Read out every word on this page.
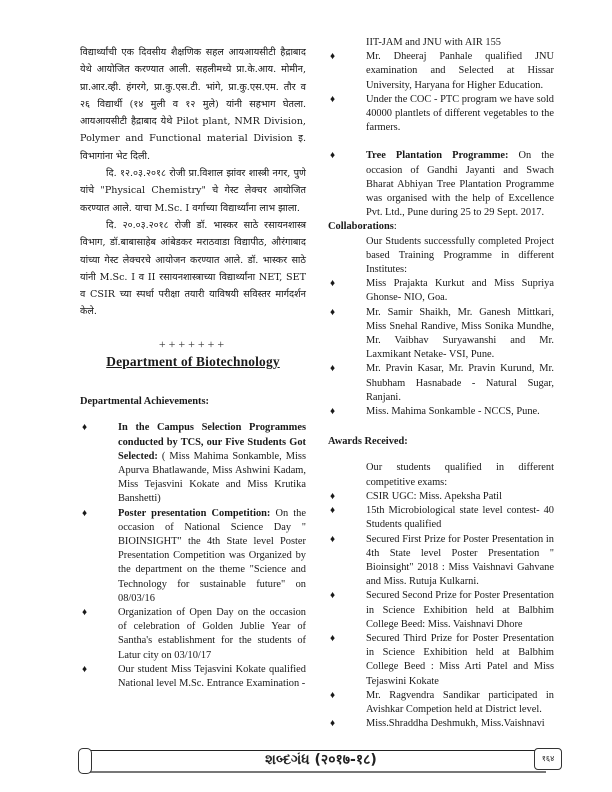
विद्यार्थ्यांची एक दिवसीय शैक्षणिक सहल आयआयसीटी हैद्राबाद येथे आयोजित करण्यात आली. सहलीमध्ये प्रा.के.आय. मोमीन, प्रा.आर.व्ही. हंगरगे, प्रा.कु.एस.टी. भांगे, प्रा.कु.एस.एम. तौर व २६ विद्यार्थी (१४ मुली व १२ मुले) यांनी सहभाग घेतला. आयआयसीटी हैद्राबाद येथे Pilot plant, NMR Division, Polymer and Functional material Division इ. विभागांना भेट दिली.

दि. १२.०३.२०१८ रोजी प्रा.विशाल झांवर शास्त्री नगर, पुणे यांचे "Physical Chemistry" चे गेस्ट लेक्चर आयोजित करण्यात आले. याचा M.Sc. I वर्गाच्या विद्यार्थ्यांना लाभ झाला.

दि. २०.०३.२०१८ रोजी डॉ. भास्कर साठे रसायनशास्त्र विभाग, डॉ.बाबासाहेब आंबेडकर मराठवाडा विद्यापीठ, औरंगाबाद यांच्या गेस्ट लेक्चरचे आयोजन करण्यात आले. डॉ. भास्कर साठे यांनी M.Sc. I व II रसायनशास्त्राच्या विद्यार्थ्यांना NET, SET व CSIR च्या स्पर्धा परीक्षा तयारी याविषयी सविस्तर मार्गदर्शन केले.

+++++++
Department of Biotechnology

Departmental Achievements:

♦	In the Campus Selection Programmes conducted by TCS, our Five Students Got Selected: ( Miss Mahima Sonkamble, Miss Apurva Bhatlawande, Miss Ashwini Kadam, Miss Tejasvini Kokate and Miss Krutika Banshetti)
♦	Poster presentation Competition: On the occasion of National Science Day " BIOINSIGHT" the 4th State level Poster Presentation Competition was Organized by the department on the theme "Science and Technology for sustainable future" on 08/03/16
♦	Organization of Open Day on the occasion of celebration of Golden Jublie Year of Santha's establishment for the students of Latur city on 03/10/17
♦	Our student Miss Tejasvini Kokate qualified National level M.Sc. Entrance Examination -

IIT-JAM and JNU with AIR 155

♦	Mr. Dheeraj Panhale qualified JNU examination and Selected at Hissar University, Haryana for Higher Education.
♦	Under the COC - PTC program we have sold 40000 plantlets of different vegetables to the farmers.
♦	Tree Plantation Programme: On the occasion of Gandhi Jayanti and Swach Bharat Abhiyan Tree Plantation Programme was organised with the help of Excellence Pvt. Ltd., Pune during 25 to 29 Sept. 2017.

Collaborations:

Our Students successfully completed Project based Training Programme in different Institutes:

♦	Miss Prajakta Kurkut and Miss Supriya Ghonse- NIO, Goa.
♦	Mr. Samir Shaikh, Mr. Ganesh Mittkari, Miss Snehal Randive, Miss Sonika Mundhe, Mr. Vaibhav Suryawanshi and Mr. Laxmikant Netake- VSI, Pune.
♦	Mr. Pravin Kasar, Mr. Pravin Kurund, Mr. Shubham Hasnabade - Natural Sugar, Ranjani.
♦	Miss. Mahima Sonkamble - NCCS, Pune.

Awards Received:

Our students qualified in different competitive exams:

♦	CSIR UGC: Miss. Apeksha Patil
♦	15th Microbiological state level contest- 40 Students qualified
♦	Secured First Prize for Poster Presentation in 4th State level Poster Presentation " Bioinsight" 2018 : Miss Vaishnavi Gahvane and Miss. Rutuja Kulkarni.
♦	Secured Second Prize for Poster Presentation in Science Exhibition held at Balbhim College Beed: Miss. Vaishnavi Dhore
♦	Secured Third Prize for Poster Presentation in Science Exhibition held at Balbhim College Beed : Miss Arti Patel and Miss Tejaswini Kokate
♦	Mr. Ragvendra Sandikar participated in Avishkar Competion held at District level.
♦	Miss.Shraddha Deshmukh, Miss.Vaishnavi
શબ્દગંધ (२०१७-१८)	१६४
